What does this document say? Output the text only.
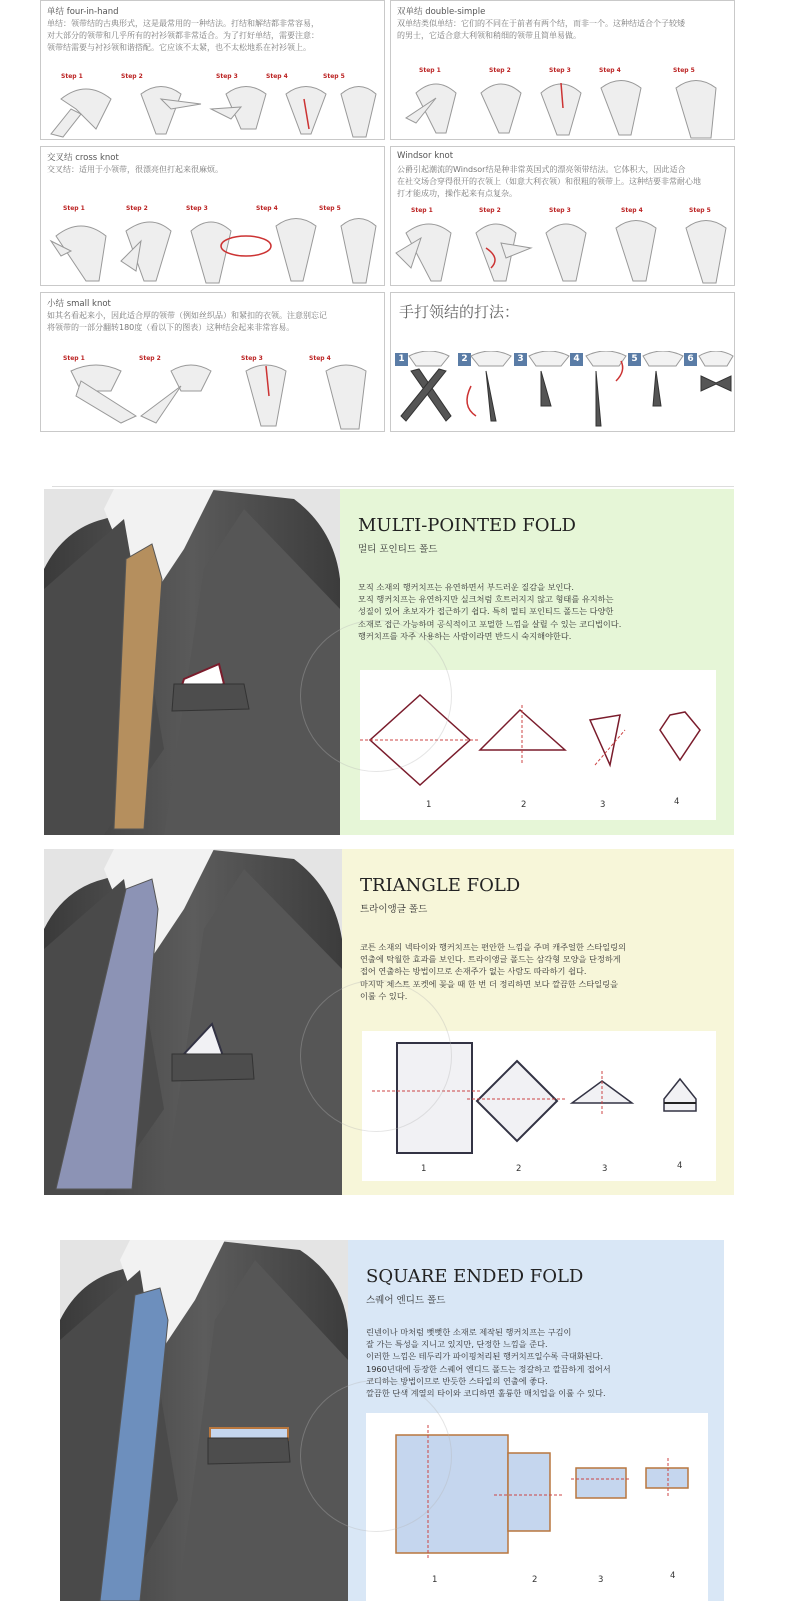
单结 four-in-hand
单结：领带结的古典形式，这是最常用的一种结法。打结和解结都非常容易，
对大部分的领带和几乎所有的衬衫领都非常适合。为了打好单结，需要注意：
领带结需要与衬衫领和谐搭配。它应该不太紧，也不太松地系在衬衫领上。
Step 1	Step 2	Step 3	Step 4	Step 5
双单结 double-simple
双单结类似单结：它们的不同在于前者有两个结，而非一个。这种结适合个子较矮
的男士，它适合意大利领和稍细的领带且简单易做。
Step 1	Step 2	Step 3	Step 4	Step 5
交叉结 cross knot
交叉结：适用于小领带，很漂亮但打起来很麻烦。
Step 1	Step 2	Step 3	Step 4	Step 5
Windsor knot
公爵引起潮流的Windsor结是种非常英国式的漂亮领带结法。它体积大，因此适合
在社交场合穿得很开的衣领上（如意大利衣领）和很粗的领带上。这种结要非常耐心地
打才能成功，操作起来有点复杂。
Step 1	Step 2	Step 3	Step 4	Step 5
小结 small knot
如其名看起来小，因此适合厚的领带（例如丝织品）和紧扣的衣领。注意别忘记
将领带的一部分翻转180度（看以下的图表）这种结会起来非常容易。
Step 1	Step 2	Step 3	Step 4
手打领结的打法：
1	2	3	4	5	6
MULTI-POINTED FOLD
멀티 포인티드 폴드
모직 소재의 행커치프는 유연하면서 부드러운 질감을 보인다.
모직 행커치프는 유연하지만 실크처럼 흐트러지지 않고 형태를 유지하는
성질이 있어 초보자가 접근하기 쉽다. 특히 멀티 포인티드 폴드는 다양한
소재로 접근 가능하며 공식적이고 포멀한 느낌을 살릴 수 있는 코디법이다.
행커치프를 자주 사용하는 사람이라면 반드시 숙지해야한다.
1	2	3	4
TRIANGLE FOLD
트라이앵글 폴드
코튼 소재의 넥타이와 행커치프는 편안한 느낌을 주며 캐주얼한 스타일링의
연출에 탁월한 효과를 보인다. 트라이앵글 폴드는 삼각형 모양을 단정하게
접어 연출하는 방법이므로 손재주가 없는 사람도 따라하기 쉽다.
마지막 체스트 포켓에 꽂을 때 한 번 더 정리하면 보다 깔끔한 스타일링을
이룰 수 있다.
1	2	3	4
SQUARE ENDED FOLD
스퀘어 엔디드 폴드
린넨이나 마처럼 뻣뻣한 소재로 제작된 행커치프는 구김이
잘 가는 특성을 지니고 있지만, 단정한 느낌을 준다.
이러한 느낌은 테두리가 파이핑처리된 행커치프일수록 극대화된다.
1960년대에 등장한 스퀘어 엔디드 폴드는 정갈하고 깔끔하게 접어서
코디하는 방법이므로 반듯한 스타일의 연출에 좋다.
깔끔한 단색 계열의 타이와 코디하면 훌륭한 매치업을 이룰 수 있다.
1	2	3	4
